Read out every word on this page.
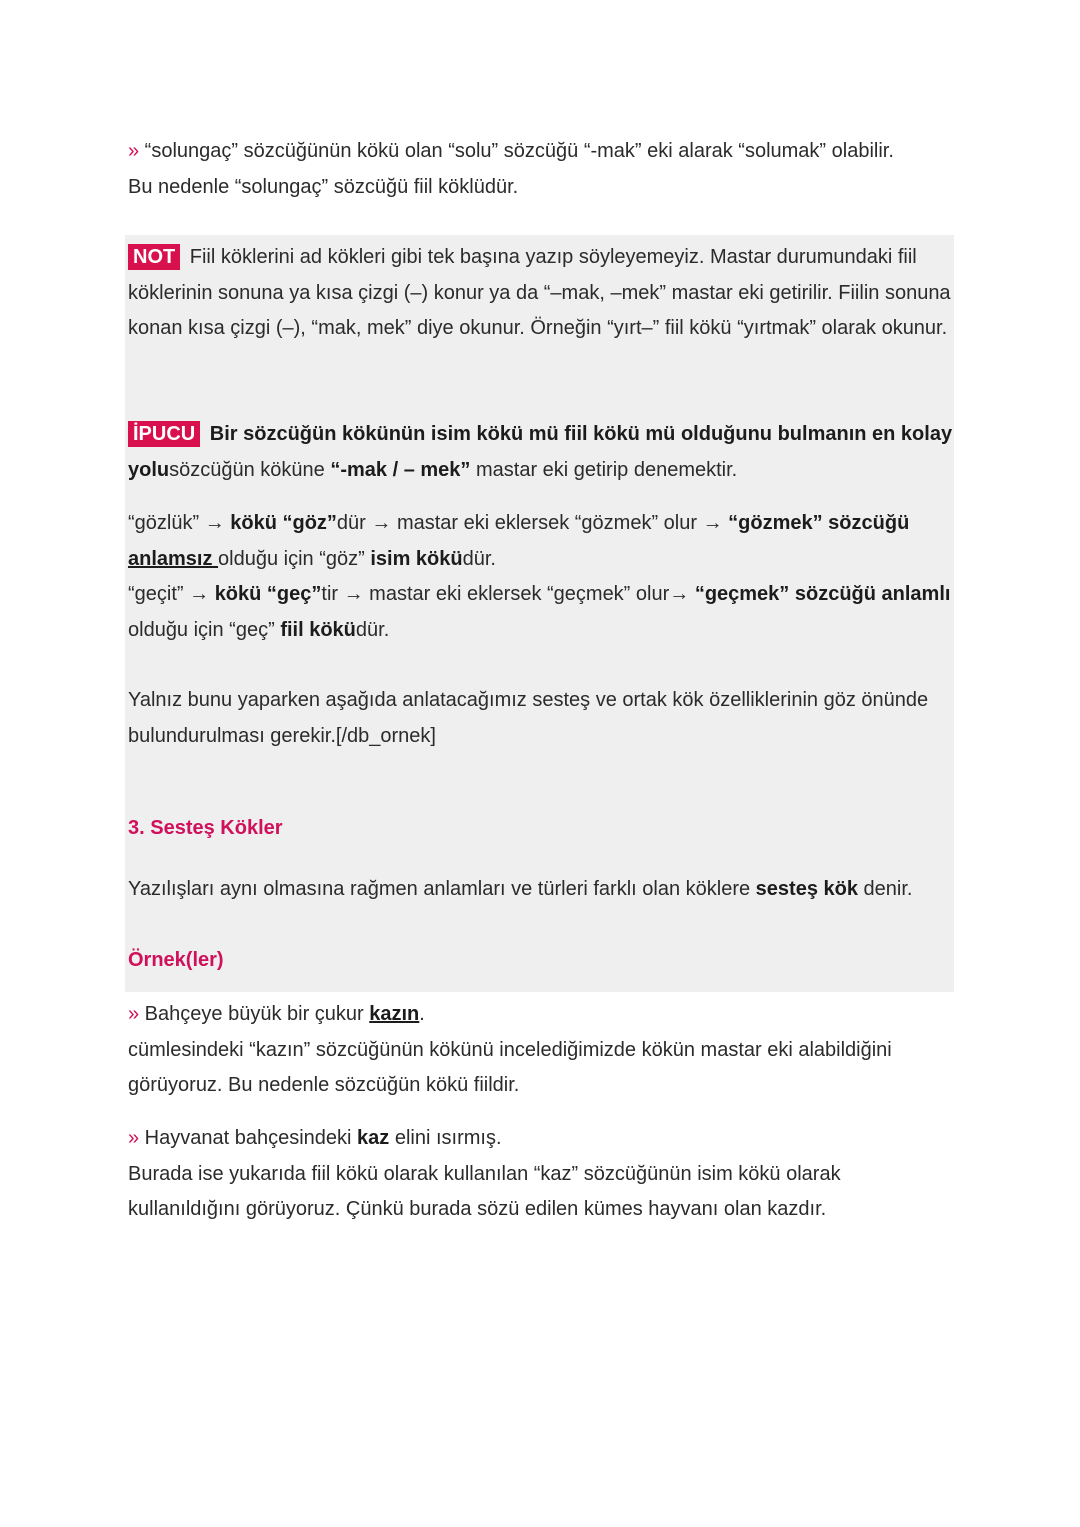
» “solungaç” sözcüğünün kökü olan “solu” sözcüğü “-mak” eki alarak “solumak” olabilir.

Bu nedenle “solungaç” sözcüğü fiil köklüdür.

NOT Fiil köklerini ad kökleri gibi tek başına yazıp söyleyemeyiz. Mastar durumundaki fiil köklerinin sonuna ya kısa çizgi (–) konur ya da “–mak, –mek” mastar eki getirilir. Fiilin sonuna konan kısa çizgi (–), “mak, mek” diye okunur. Örneğin “yırt–” fiil kökü “yırtmak” olarak okunur.

İPUCU Bir sözcüğün kökünün isim kökü mü fiil kökü mü olduğunu bulmanın en kolay yolusözcüğün köküne “-mak / – mek” mastar eki getirip denemektir.

“gözlük” → kökü “göz”dür → mastar eki eklersek “gözmek” olur → “gözmek” sözcüğü anlamsız olduğu için “göz” isim köküdür.

“geçit” → kökü “geç”tir → mastar eki eklersek “geçmek” olur→ “geçmek” sözcüğü anlamlı olduğu için “geç” fiil köküdür.

Yalnız bunu yaparken aşağıda anlatacağımız sesteş ve ortak kök özelliklerinin göz önünde bulundurulması gerekir.[/db_ornek]
3. Sesteş Kökler
Yazılışları aynı olmasına rağmen anlamları ve türleri farklı olan köklere sesteş kök denir.
Örnek(ler)

» Bahçeye büyük bir çukur kazın.

cümlesindeki “kazın” sözcüğünün kökünü incelediğimizde kökün mastar eki alabildiğini görüyoruz. Bu nedenle sözcüğün kökü fiildir.

» Hayvanat bahçesindeki kaz elini ısırmış.

Burada ise yukarıda fiil kökü olarak kullanılan “kaz” sözcüğünün isim kökü olarak kullanıldığını görüyoruz. Çünkü burada sözü edilen kümes hayvanı olan kazdır.
